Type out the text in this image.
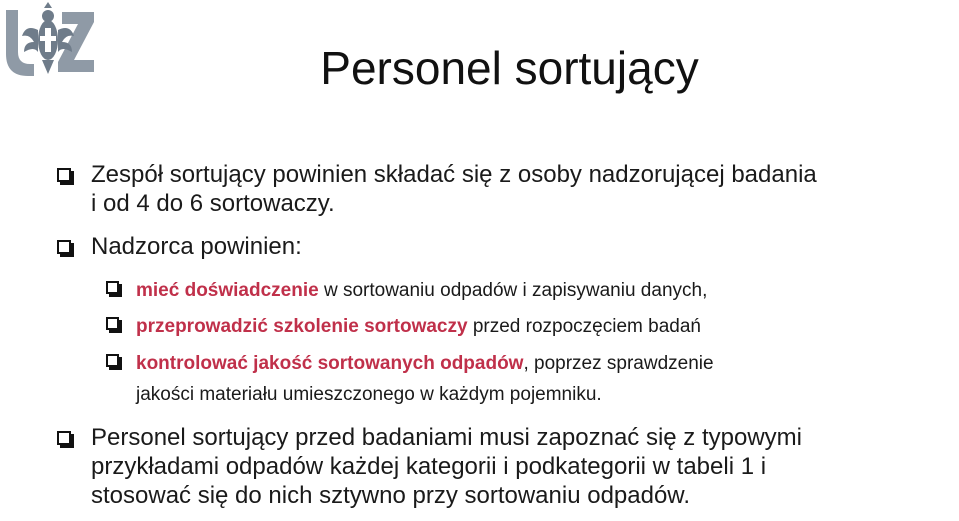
Personel sortujący
Zespół sortujący powinien składać się z osoby nadzorującej badania
i od 4 do 6 sortowaczy.
Nadzorca powinien:
mieć doświadczenie w sortowaniu odpadów i zapisywaniu danych,
przeprowadzić szkolenie sortowaczy przed rozpoczęciem badań
kontrolować jakość sortowanych odpadów, poprzez sprawdzenie
jakości materiału umieszczonego w każdym pojemniku.
Personel sortujący przed badaniami musi zapoznać się z typowymi
przykładami odpadów każdej kategorii i podkategorii w tabeli 1 i
stosować się do nich sztywno przy sortowaniu odpadów.
